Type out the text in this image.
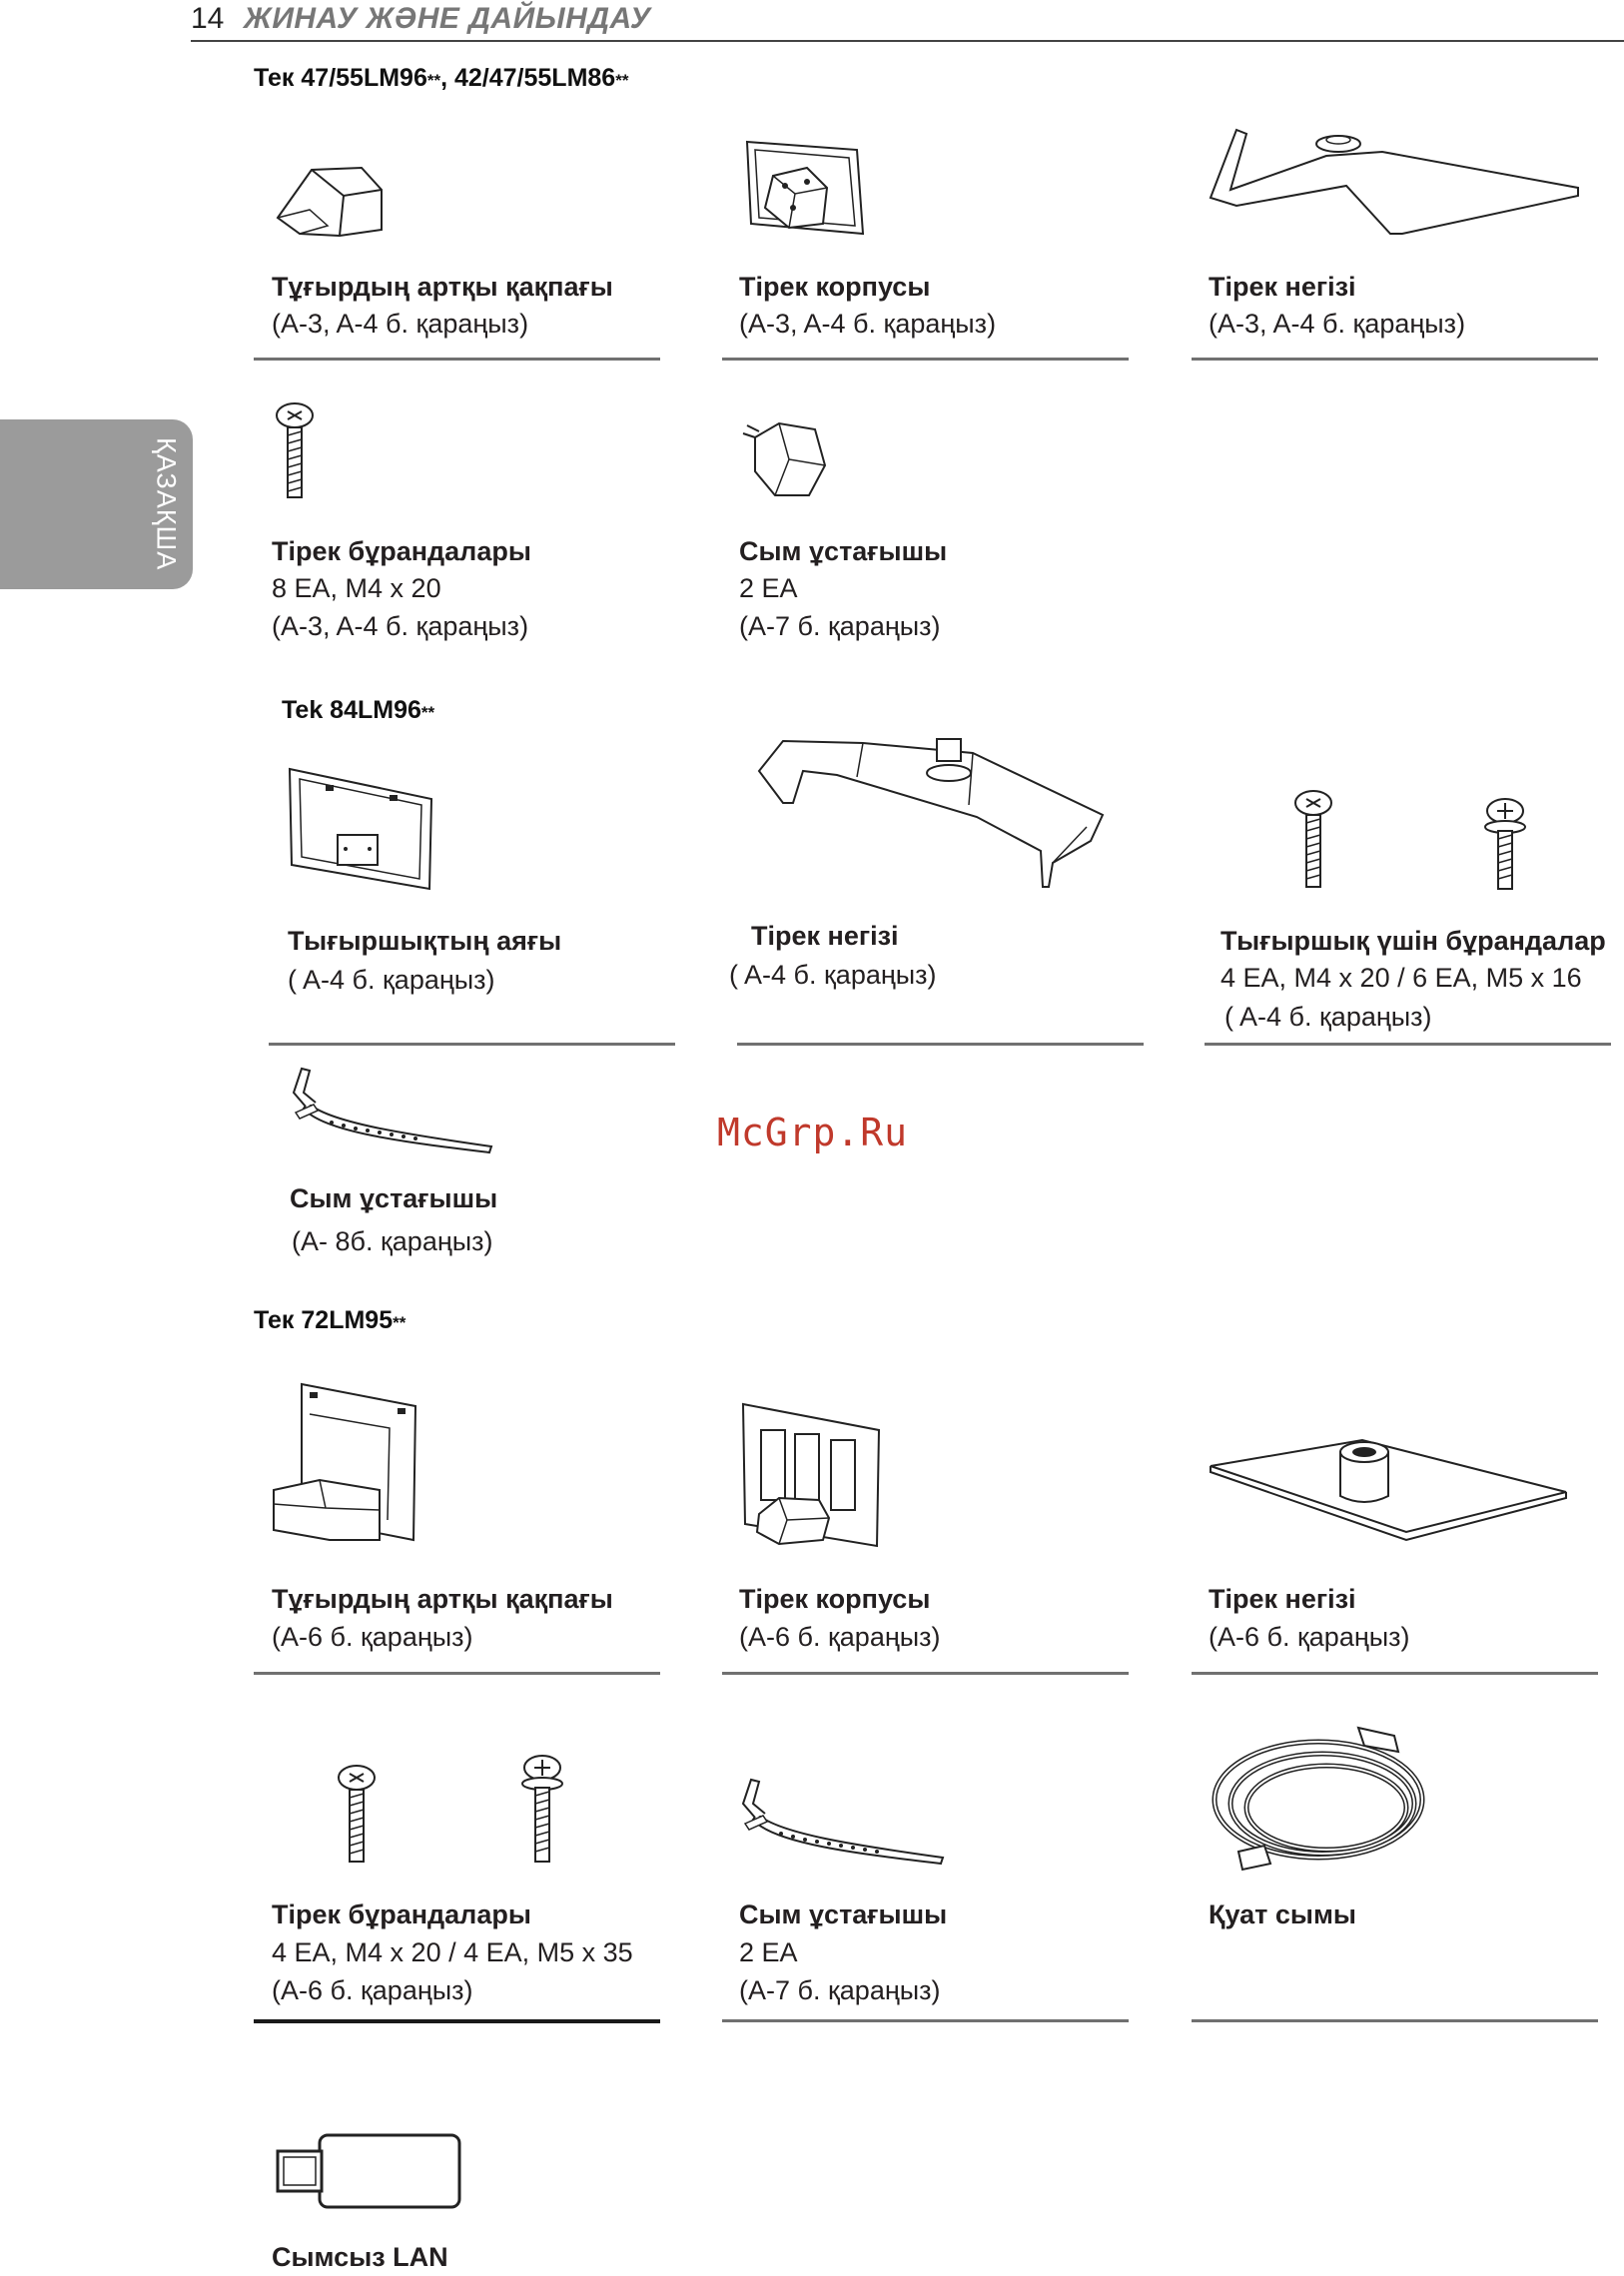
14 ЖИНАУ ЖӘНЕ ДАЙЫНДАУ
ҚАЗАҚША
Тек 47/55LM96**, 42/47/55LM86**
Тұғырдың артқы қақпағы
(A-3, A-4 б. қараңыз)
Тірек корпусы
(A-3, A-4 б. қараңыз)
Тірек негізі
(A-3, A-4 б. қараңыз)
Тірек бұрандалары
8 EA, M4 x 20
(A-3, A-4 б. қараңыз)
Сым ұстағышы
2 EA
(A-7 б. қараңыз)
Tek 84LM96**
Тығыршықтың аяғы
( A-4 б. қараңыз)
Тірек негізі
( A-4 б. қараңыз)
Тығыршық үшін бұрандалар
4 EA, M4 x 20 / 6 EA, M5 x 16
( A-4 б. қараңыз)
Сым ұстағышы
(A- 8б. қараңыз)
McGrp.Ru
Тек 72LM95**
Тұғырдың артқы қақпағы
(A-6 б. қараңыз)
Тірек корпусы
(A-6 б. қараңыз)
Тірек негізі
(A-6 б. қараңыз)
Тірек бұрандалары
4 EA, M4 x 20 / 4 EA, M5 x 35
(A-6 б. қараңыз)
Сым ұстағышы
2 EA
(A-7 б. қараңыз)
Қуат сымы
Сымсыз LAN
